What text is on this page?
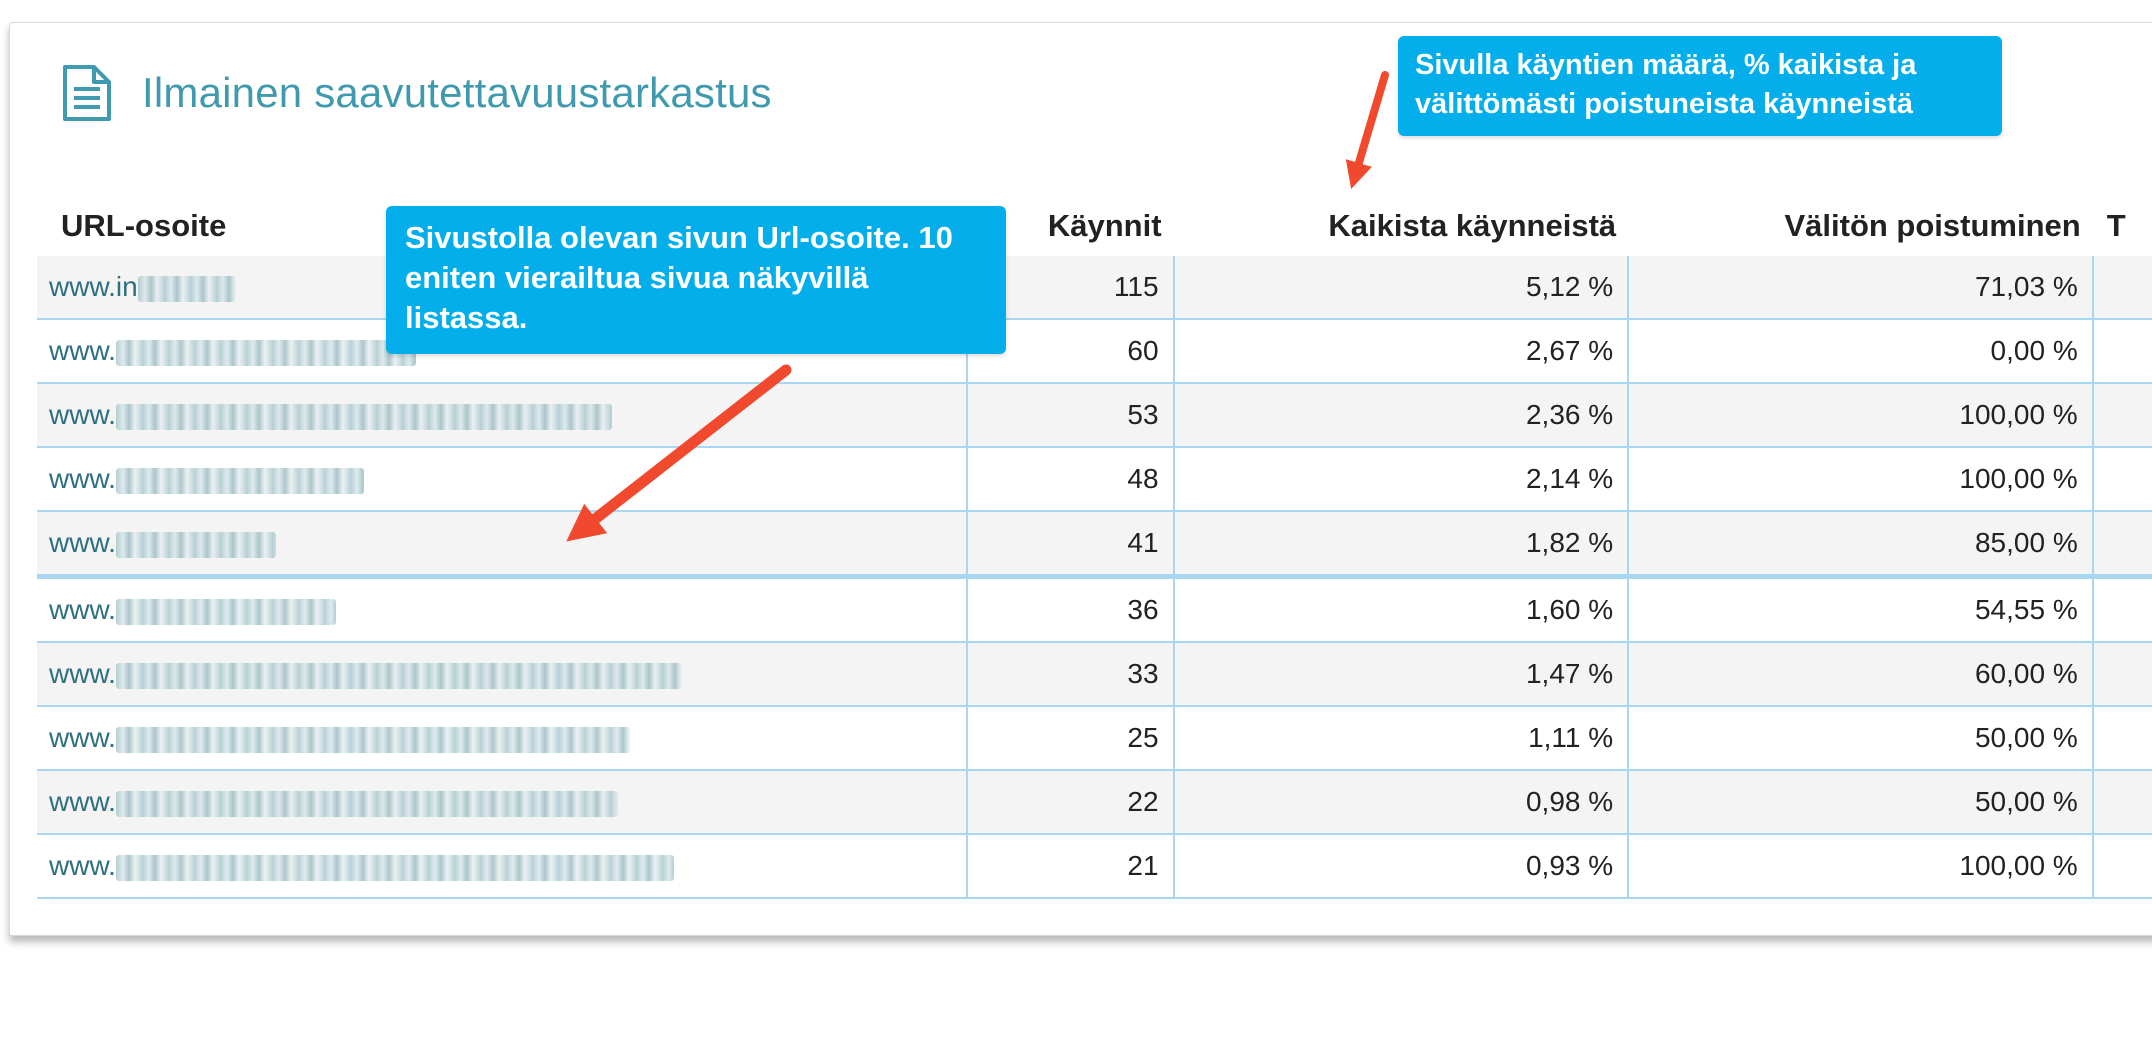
Ilmainen saavutettavuustarkastus
URL-osoite	Käynnit	Kaikista käynneistä	Välitön poistuminen	T
www.in	115	5,12 %	71,03 %	
www.	60	2,67 %	0,00 %	
www.	53	2,36 %	100,00 %	
www.	48	2,14 %	100,00 %	
www.	41	1,82 %	85,00 %	
www.	36	1,60 %	54,55 %	
www.	33	1,47 %	60,00 %	
www.	25	1,11 %	50,00 %	
www.	22	0,98 %	50,00 %	
www.	21	0,93 %	100,00 %	
Sivulla käyntien määrä, % kaikista ja välittömästi poistuneista käynneistä
Sivustolla olevan sivun Url-osoite. 10 eniten vierailtua sivua näkyvillä listassa.
